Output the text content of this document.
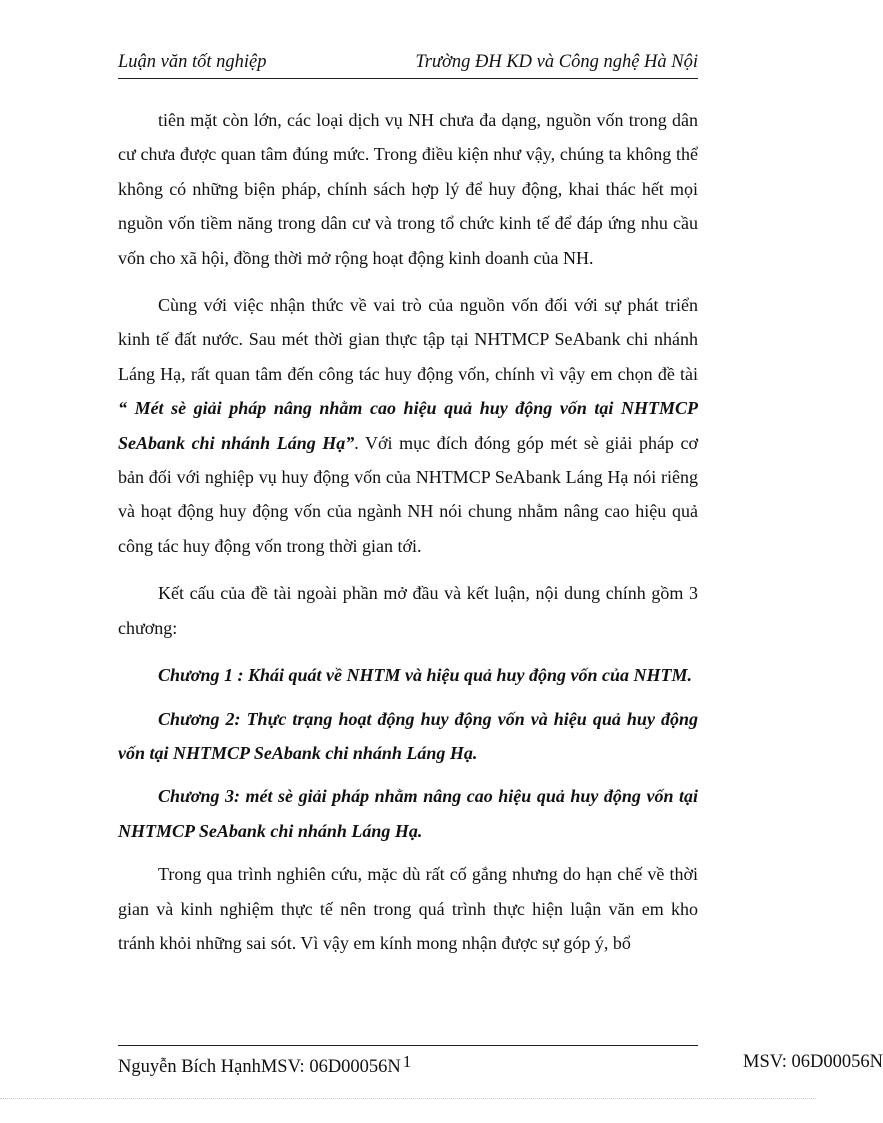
Luận văn tốt nghiệp	Trường ĐH KD và Công nghệ Hà Nội

tiên mặt còn lớn, các loại dịch vụ NH chưa đa dạng, nguồn vốn trong dân cư chưa được quan tâm đúng mức. Trong điều kiện như vậy, chúng ta không thể không có những biện pháp, chính sách hợp lý để huy động, khai thác hết mọi nguồn vốn tiềm năng trong dân cư và trong tổ chức kinh tế để đáp ứng nhu cầu vốn cho xã hội, đồng thời mở rộng hoạt động kinh doanh của NH.

Cùng với việc nhận thức về vai trò của nguồn vốn đối với sự phát triển kinh tế đất nước. Sau mét thời gian thực tập tại NHTMCP SeAbank chi nhánh Láng Hạ, rất quan tâm đến công tác huy động vốn, chính vì vậy em chọn đề tài “ Mét sè giải pháp nâng nhằm cao hiệu quả huy động vốn tại NHTMCP SeAbank chi nhánh Láng Hạ”. Với mục đích đóng góp mét sè giải pháp cơ bản đối với nghiệp vụ huy động vốn của NHTMCP SeAbank Láng Hạ nói riêng và hoạt động huy động vốn của ngành NH nói chung nhằm nâng cao hiệu quả công tác huy động vốn trong thời gian tới.

Kết cấu của đề tài ngoài phần mở đầu và kết luận, nội dung chính gồm 3 chương:

Chương 1 : Khái quát về NHTM và hiệu quả huy động vốn của NHTM.

Chương 2: Thực trạng hoạt động huy động vốn và hiệu quả huy động vốn tại NHTMCP SeAbank chi nhánh Láng Hạ.

Chương 3: mét sè giải pháp nhằm nâng cao hiệu quả huy động vốn tại NHTMCP SeAbank chi nhánh Láng Hạ.

Trong qua trình nghiên cứu, mặc dù rất cố gắng nhưng do hạn chế về thời gian và kinh nghiệm thực tế nên trong quá trình thực hiện luận văn em kho tránh khỏi những sai sót. Vì vậy em kính mong nhận được sự góp ý, bổ

Nguyễn Bích HạnhMSV: 06D00056N 1	MSV: 06D00056N
